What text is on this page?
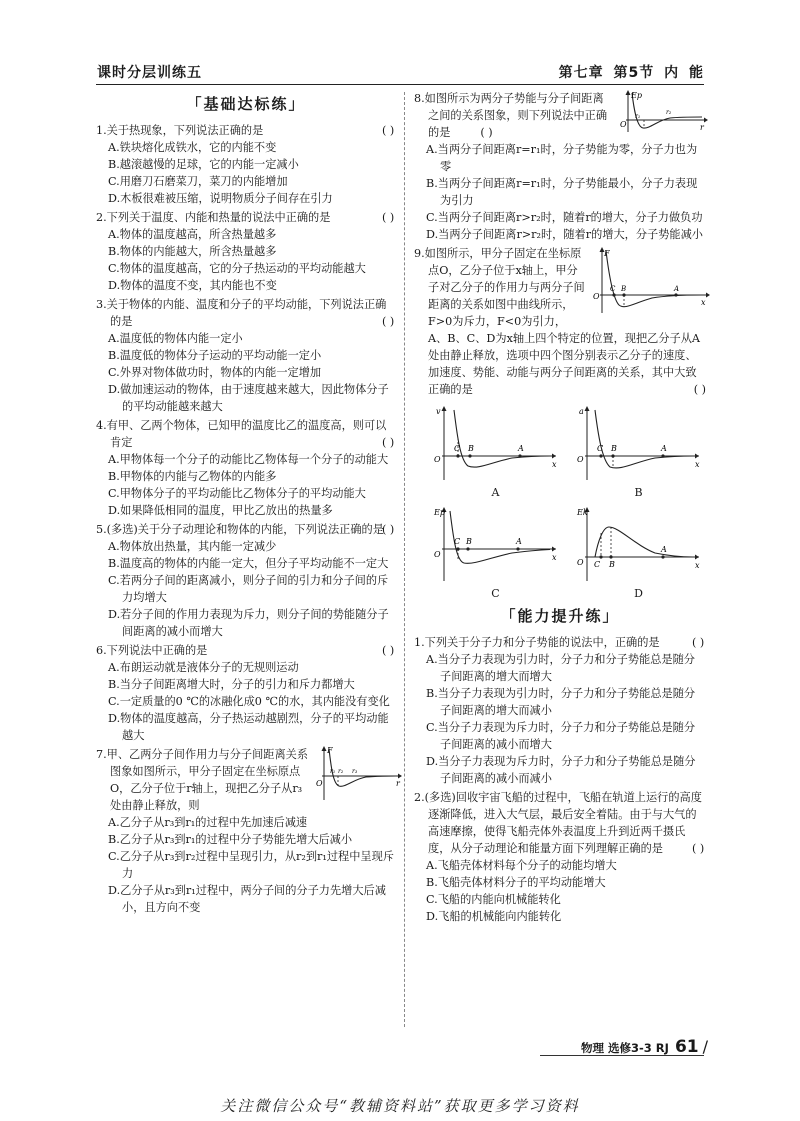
课时分层训练五	第七章 第5节 内 能
「基础达标练」
1.关于热现象，下列说法正确的是	( )
A.铁块熔化成铁水，它的内能不变
B.越滚越慢的足球，它的内能一定减小
C.用磨刀石磨菜刀，菜刀的内能增加
D.木板很难被压缩，说明物质分子间存在引力
2.下列关于温度、内能和热量的说法中正确的是	( )
A.物体的温度越高，所含热量越多
B.物体的内能越大，所含热量越多
C.物体的温度越高，它的分子热运动的平均动能越大
D.物体的温度不变，其内能也不变
3.关于物体的内能、温度和分子的平均动能，下列说法正确的是	( )
A.温度低的物体内能一定小
B.温度低的物体分子运动的平均动能一定小
C.外界对物体做功时，物体的内能一定增加
D.做加速运动的物体，由于速度越来越大，因此物体分子的平均动能越来越大
4.有甲、乙两个物体，已知甲的温度比乙的温度高，则可以肯定	( )
A.甲物体每一个分子的动能比乙物体每一个分子的动能大
B.甲物体的内能与乙物体的内能多
C.甲物体分子的平均动能比乙物体分子的平均动能大
D.如果降低相同的温度，甲比乙放出的热量多
5.(多选)关于分子动理论和物体的内能，下列说法正确的是
( )
A.物体放出热量，其内能一定减少
B.温度高的物体的内能一定大，但分子平均动能不一定大
C.若两分子间的距离减小，则分子间的引力和分子间的斥力均增大
D.若分子间的作用力表现为斥力，则分子间的势能随分子间距离的减小而增大
6.下列说法中正确的是	( )
A.布朗运动就是液体分子的无规则运动
B.当分子间距离增大时，分子的引力和斥力都增大
C.一定质量的0 ℃的冰融化成0 ℃的水，其内能没有变化
D.物体的温度越高，分子热运动越剧烈，分子的平均动能越大
F
O
r₁ r₂ r₃
r
7.甲、乙两分子间作用力与分子间距离关系图象如图所示，甲分子固定在坐标原点O，乙分子位于r轴上，现把乙分子从r₃处由静止释放，则
A.乙分子从r₃到r₁的过程中先加速后减速
B.乙分子从r₃到r₁的过程中分子势能先增大后减小
C.乙分子从r₃到r₂过程中呈现引力，从r₂到r₁过程中呈现斥力
D.乙分子从r₃到r₁过程中，两分子间的分子力先增大后减小，且方向不变
Ep
O
r₁
r₂
r
8.如图所示为两分子势能与分子间距离之间的关系图象，则下列说法中正确的是	( )
A.当两分子间距离r=r₁时，分子势能为零，分子力也为零
B.当两分子间距离r=r₁时，分子势能最小，分子力表现为引力
C.当两分子间距离r>r₂时，随着r的增大，分子力做负功
D.当两分子间距离r>r₂时，随着r的增大，分子势能减小
F
O
C B	A
x
9.如图所示，甲分子固定在坐标原点O，乙分子位于x轴上，甲分子对乙分子的作用力与两分子间距离的关系如图中曲线所示，F>0为斥力，F<0为引力，
A、B、C、D为x轴上四个特定的位置，现把乙分子从A处由静止释放，选项中四个图分别表示乙分子的速度、加速度、势能、动能与两分子间距离的关系，其中大致正确的是	( )
v
O
C B	A
x
A
a
O
C B	A
x
B
Ep
O
C B	A
x
C
Ek
O C B
A
x
D
「能力提升练」
1.下列关于分子力和分子势能的说法中，正确的是	( )
A.当分子力表现为引力时，分子力和分子势能总是随分子间距离的增大而增大
B.当分子力表现为引力时，分子力和分子势能总是随分子间距离的增大而减小
C.当分子力表现为斥力时，分子力和分子势能总是随分子间距离的减小而增大
D.当分子力表现为斥力时，分子力和分子势能总是随分子间距离的减小而减小
2.(多选)回收宇宙飞船的过程中，飞船在轨道上运行的高度逐渐降低，进入大气层，最后安全着陆。由于与大气的高速摩擦，使得飞船壳体外表温度上升到近两千摄氏度，从分子动理论和能量方面下列理解正确的是	( )
A.飞船壳体材料每个分子的动能均增大
B.飞船壳体材料分子的平均动能增大
C.飞船的内能向机械能转化
D.飞船的机械能向内能转化
物理 选修3-3 RJ 61 /
关注微信公众号“教辅资料站”获取更多学习资料
